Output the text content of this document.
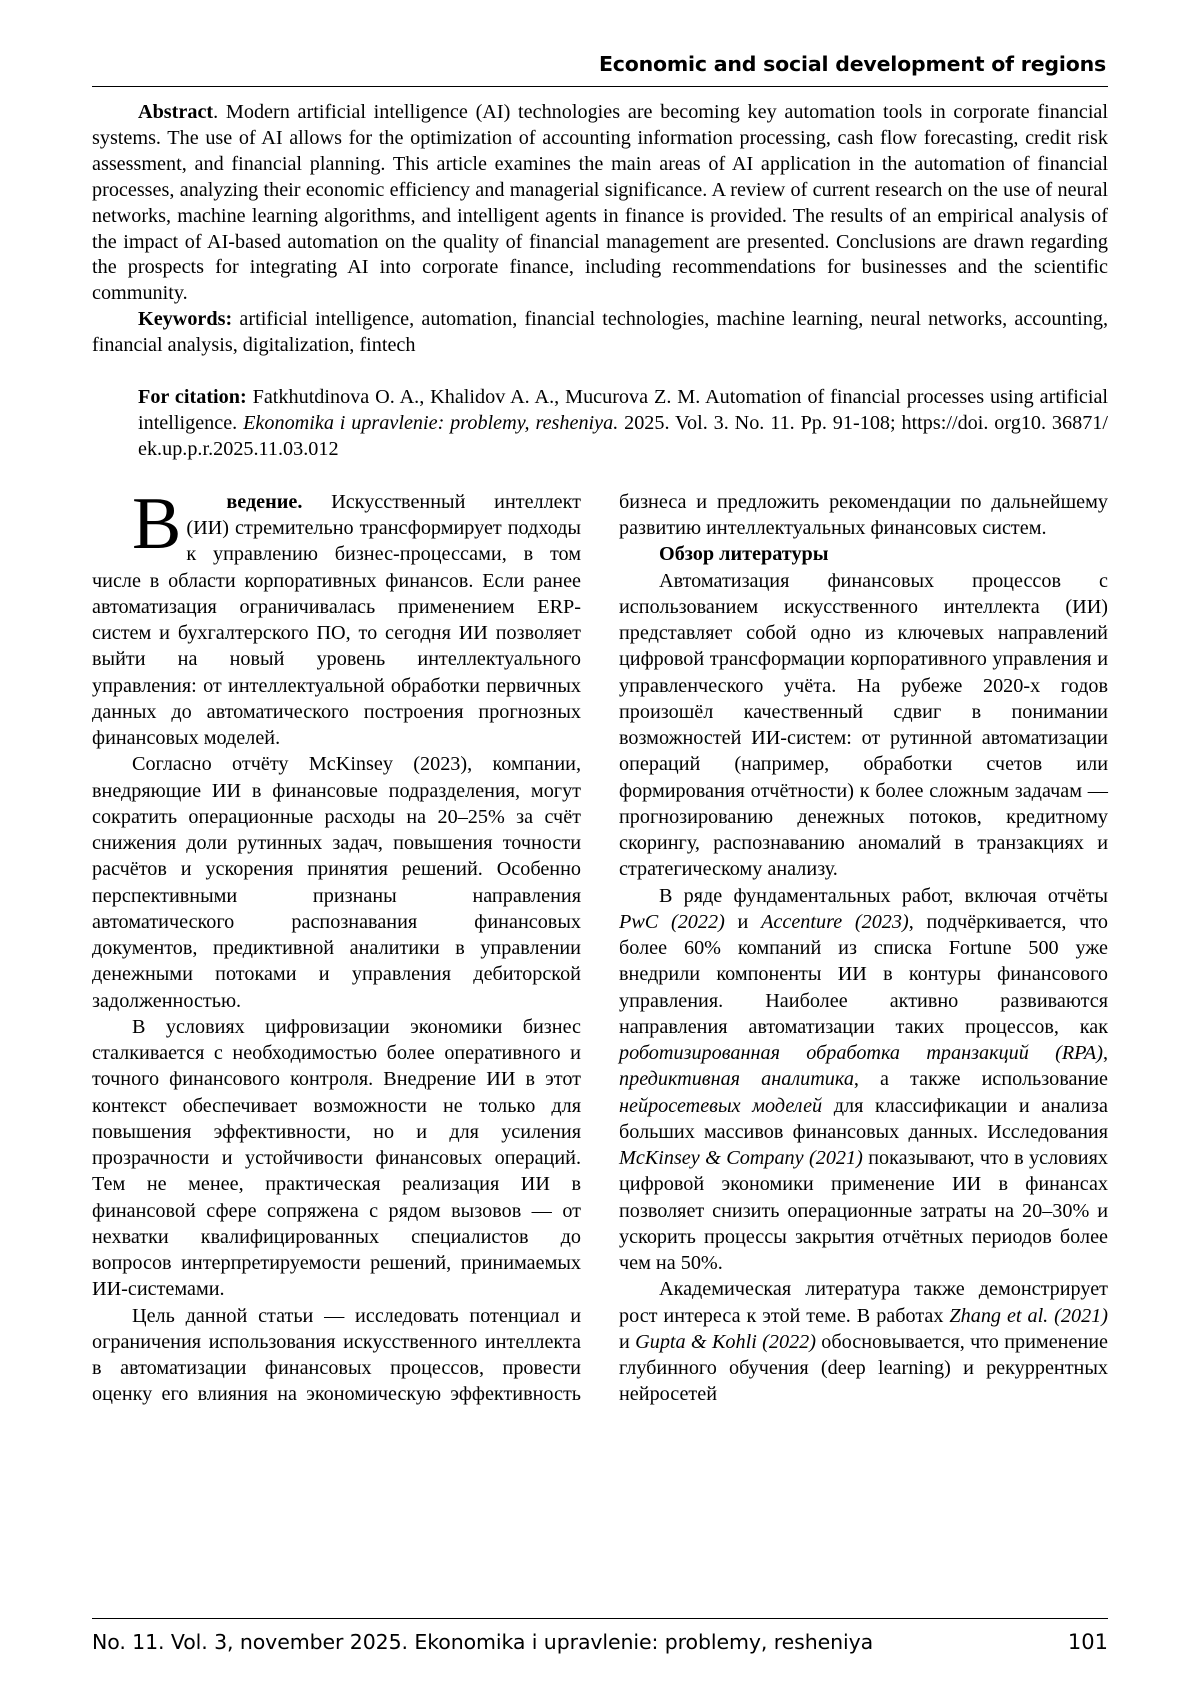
Economic and social development of regions

Abstract. Modern artificial intelligence (AI) technologies are becoming key automation tools in corporate financial systems. The use of AI allows for the optimization of accounting information processing, cash flow forecasting, credit risk assessment, and financial planning. This article examines the main areas of AI application in the automation of financial processes, analyzing their economic efficiency and managerial significance. A review of current research on the use of neural networks, machine learning algorithms, and intelligent agents in finance is provided. The results of an empirical analysis of the impact of AI-based automation on the quality of financial management are presented. Conclusions are drawn regarding the prospects for integrating AI into corporate finance, including recommendations for businesses and the scientific community.

Keywords: artificial intelligence, automation, financial technologies, machine learning, neural networks, accounting, financial analysis, digitalization, fintech

For citation: Fatkhutdinova O. A., Khalidov A. A., Mucurova Z. M. Automation of financial processes using artificial intelligence. Ekonomika i upravlenie: problemy, resheniya. 2025. Vol. 3. No. 11. Pp. 91-108; https://doi. org10. 36871/ ek.up.p.r.2025.11.03.012

В ведение. Искусственный интеллект (ИИ) стремительно трансформирует подходы к управлению бизнес-процессами, в том числе в области корпоративных финансов. Если ранее автоматизация ограничивалась применением ERP-систем и бухгалтерского ПО, то сегодня ИИ позволяет выйти на новый уровень интеллектуального управления: от интеллектуальной обработки первичных данных до автоматического построения прогнозных финансовых моделей.

Согласно отчёту McKinsey (2023), компании, внедряющие ИИ в финансовые подразделения, могут сократить операционные расходы на 20–25% за счёт снижения доли рутинных задач, повышения точности расчётов и ускорения принятия решений. Особенно перспективными признаны направления автоматического распознавания финансовых документов, предиктивной аналитики в управлении денежными потоками и управления дебиторской задолженностью.

В условиях цифровизации экономики бизнес сталкивается с необходимостью более оперативного и точного финансового контроля. Внедрение ИИ в этот контекст обеспечивает возможности не только для повышения эффективности, но и для усиления прозрачности и устойчивости финансовых операций. Тем не менее, практическая реализация ИИ в финансовой сфере сопряжена с рядом вызовов — от нехватки квалифицированных специалистов до вопросов интерпретируемости решений, принимаемых ИИ-системами.

Цель данной статьи — исследовать потенциал и ограничения использования искусственного интеллекта в автоматизации финансовых процессов, провести оценку его влияния на экономическую эффективность бизнеса и предложить рекомендации по дальнейшему развитию интеллектуальных финансовых систем.

Обзор литературы

Автоматизация финансовых процессов с использованием искусственного интеллекта (ИИ) представляет собой одно из ключевых направлений цифровой трансформации корпоративного управления и управленческого учёта. На рубеже 2020-х годов произошёл качественный сдвиг в понимании возможностей ИИ-систем: от рутинной автоматизации операций (например, обработки счетов или формирования отчётности) к более сложным задачам — прогнозированию денежных потоков, кредитному скорингу, распознаванию аномалий в транзакциях и стратегическому анализу.

В ряде фундаментальных работ, включая отчёты PwC (2022) и Accenture (2023), подчёркивается, что более 60% компаний из списка Fortune 500 уже внедрили компоненты ИИ в контуры финансового управления. Наиболее активно развиваются направления автоматизации таких процессов, как роботизированная обработка транзакций (RPA), предиктивная аналитика, а также использование нейросетевых моделей для классификации и анализа больших массивов финансовых данных. Исследования McKinsey & Company (2021) показывают, что в условиях цифровой экономики применение ИИ в финансах позволяет снизить операционные затраты на 20–30% и ускорить процессы закрытия отчётных периодов более чем на 50%.

Академическая литература также демонстрирует рост интереса к этой теме. В работах Zhang et al. (2021) и Gupta & Kohli (2022) обосновывается, что применение глубинного обучения (deep learning) и рекуррентных нейросетей

No. 11. Vol. 3, november 2025. Ekonomika i upravlenie: problemy, resheniya	101
